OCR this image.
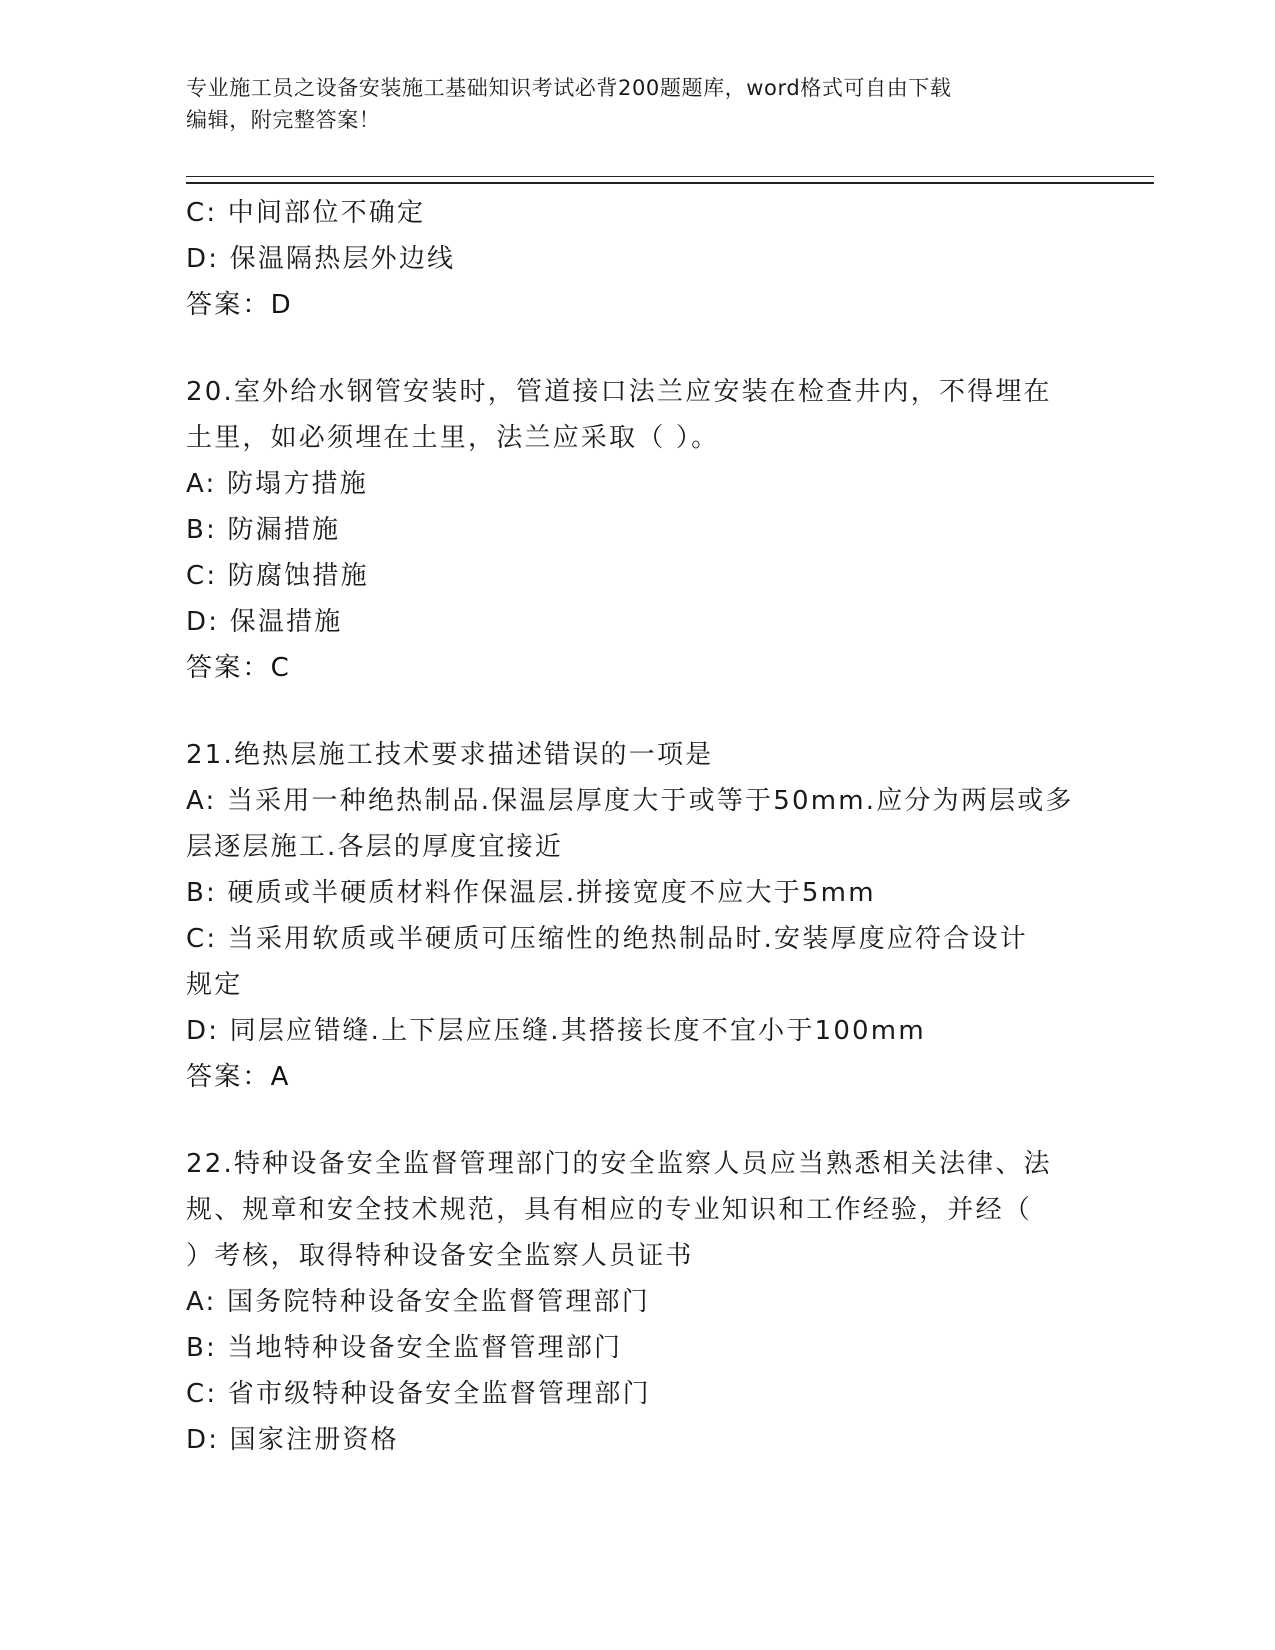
专业施工员之设备安装施工基础知识考试必背200题题库，word格式可自由下载
编辑，附完整答案！
C: 中间部位不确定
D: 保温隔热层外边线
答案：D
20.室外给水钢管安装时，管道接口法兰应安装在检查井内，不得埋在
土里，如必须埋在土里，法兰应采取（ ）。
A: 防塌方措施
B: 防漏措施
C: 防腐蚀措施
D: 保温措施
答案：C
21.绝热层施工技术要求描述错误的一项是
A: 当采用一种绝热制品.保温层厚度大于或等于50mm.应分为两层或多
层逐层施工.各层的厚度宜接近
B: 硬质或半硬质材料作保温层.拼接宽度不应大于5mm
C: 当采用软质或半硬质可压缩性的绝热制品时.安装厚度应符合设计
规定
D: 同层应错缝.上下层应压缝.其搭接长度不宜小于100mm
答案：A
22.特种设备安全监督管理部门的安全监察人员应当熟悉相关法律、法
规、规章和安全技术规范，具有相应的专业知识和工作经验，并经（
）考核，取得特种设备安全监察人员证书
A: 国务院特种设备安全监督管理部门
B: 当地特种设备安全监督管理部门
C: 省市级特种设备安全监督管理部门
D: 国家注册资格
